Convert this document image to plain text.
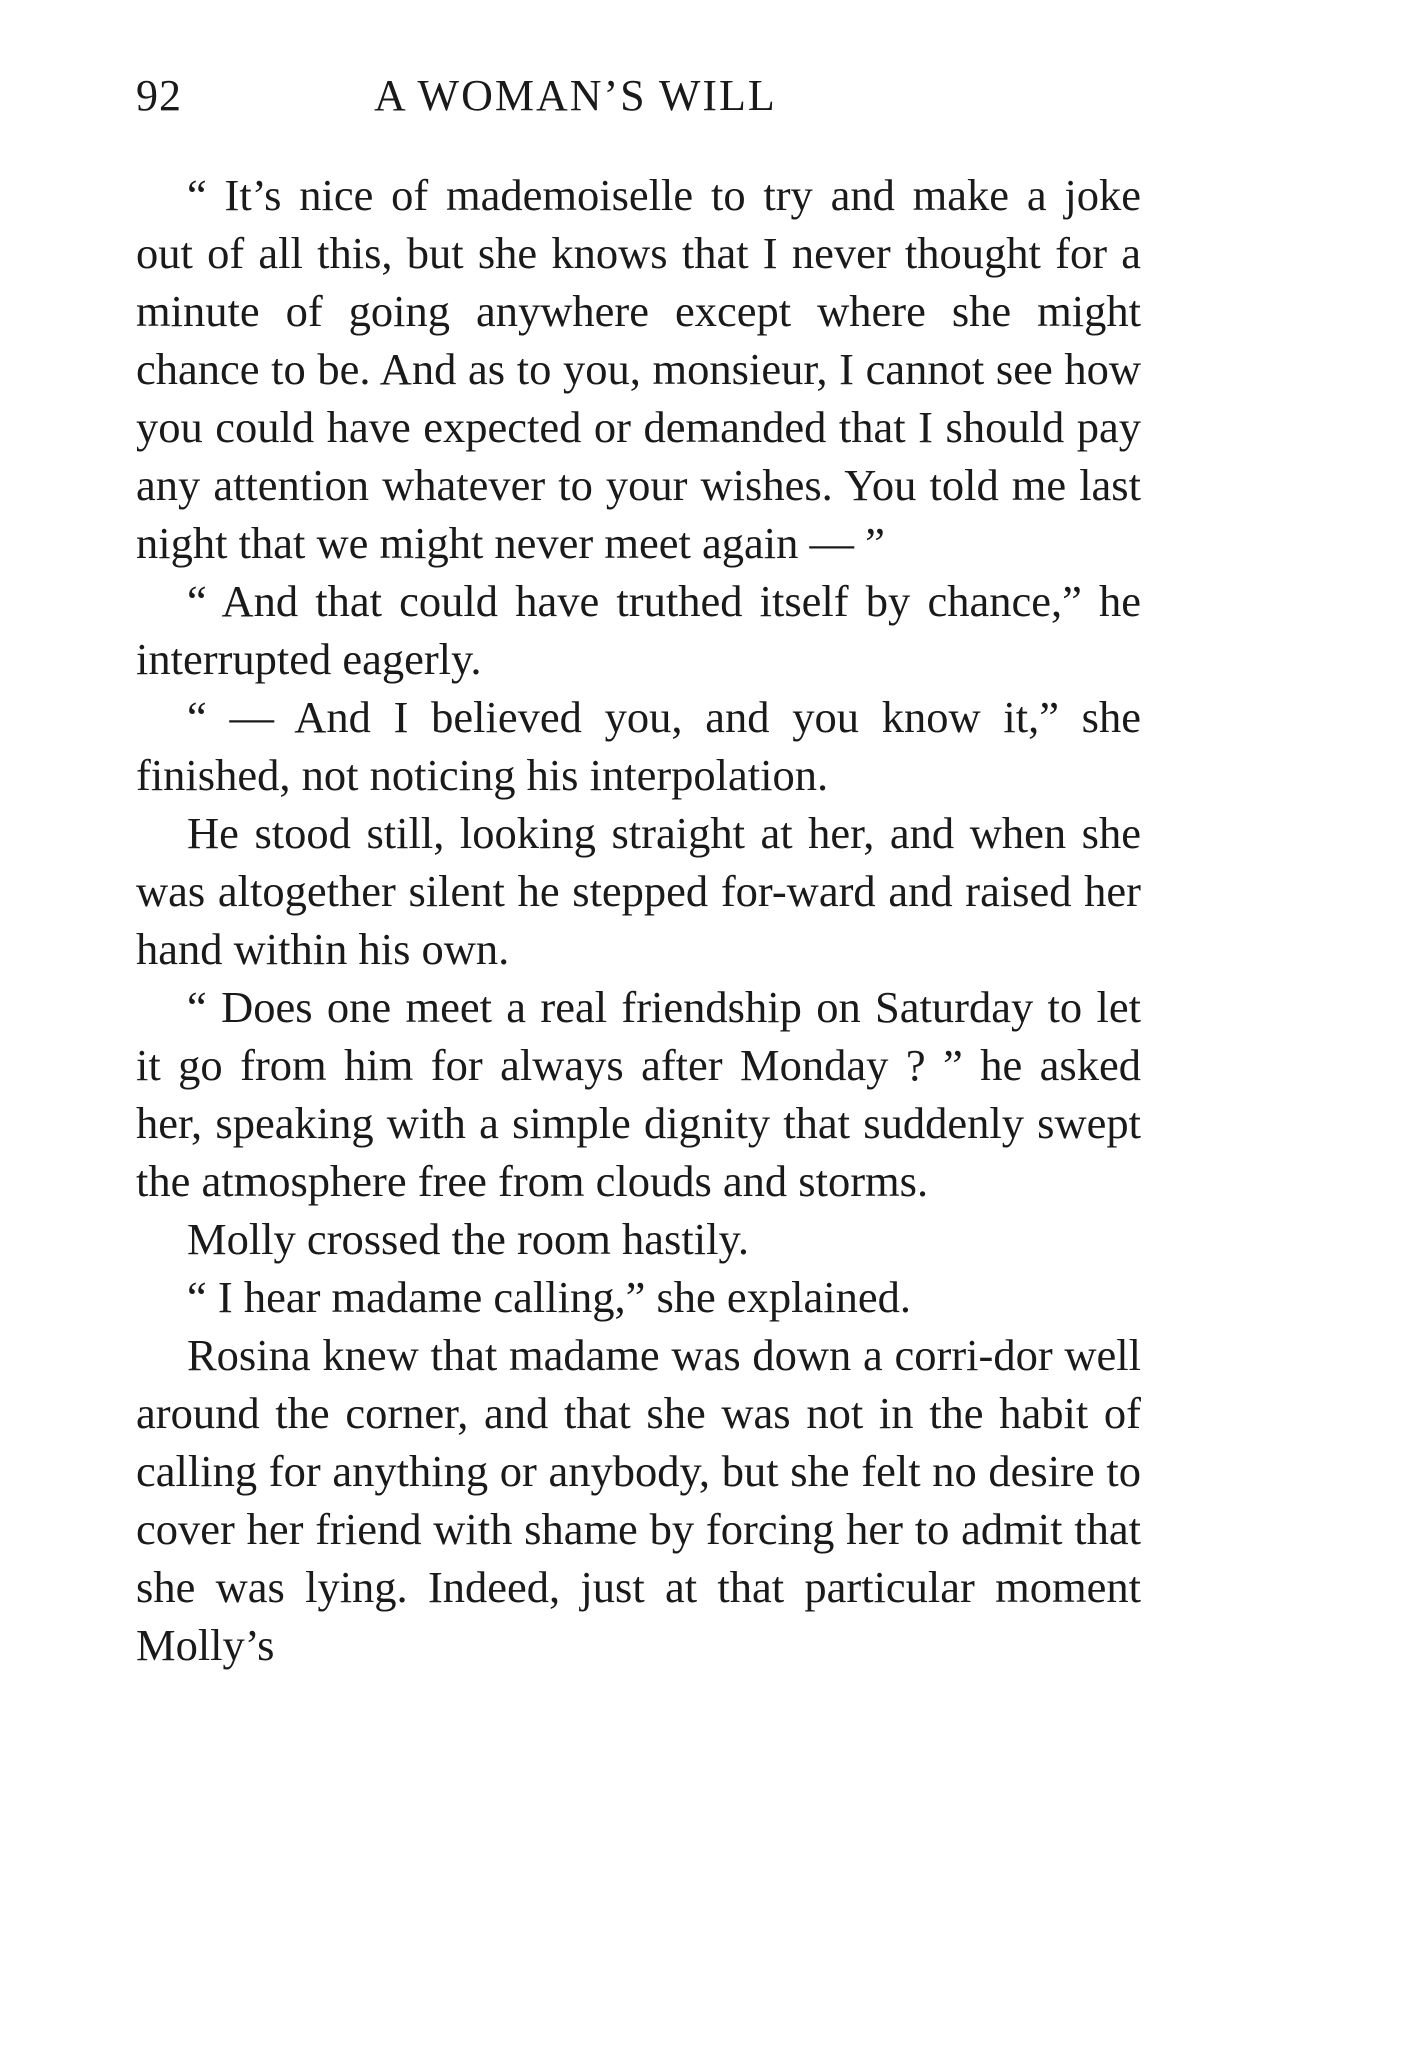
92	A WOMAN’S WILL

“ It’s nice of mademoiselle to try and make a joke out of all this, but she knows that I never thought for a minute of going anywhere except where she might chance to be. And as to you, monsieur, I cannot see how you could have expected or demanded that I should pay any attention whatever to your wishes. You told me last night that we might never meet again — ”

“ And that could have truthed itself by chance,” he interrupted eagerly.

“ — And I believed you, and you know it,” she finished, not noticing his interpolation.

He stood still, looking straight at her, and when she was altogether silent he stepped for-ward and raised her hand within his own.

“ Does one meet a real friendship on Saturday to let it go from him for always after Monday ? ” he asked her, speaking with a simple dignity that suddenly swept the atmosphere free from clouds and storms.

Molly crossed the room hastily.

“ I hear madame calling,” she explained.

Rosina knew that madame was down a corri-dor well around the corner, and that she was not in the habit of calling for anything or anybody, but she felt no desire to cover her friend with shame by forcing her to admit that she was lying. Indeed, just at that particular moment Molly’s
